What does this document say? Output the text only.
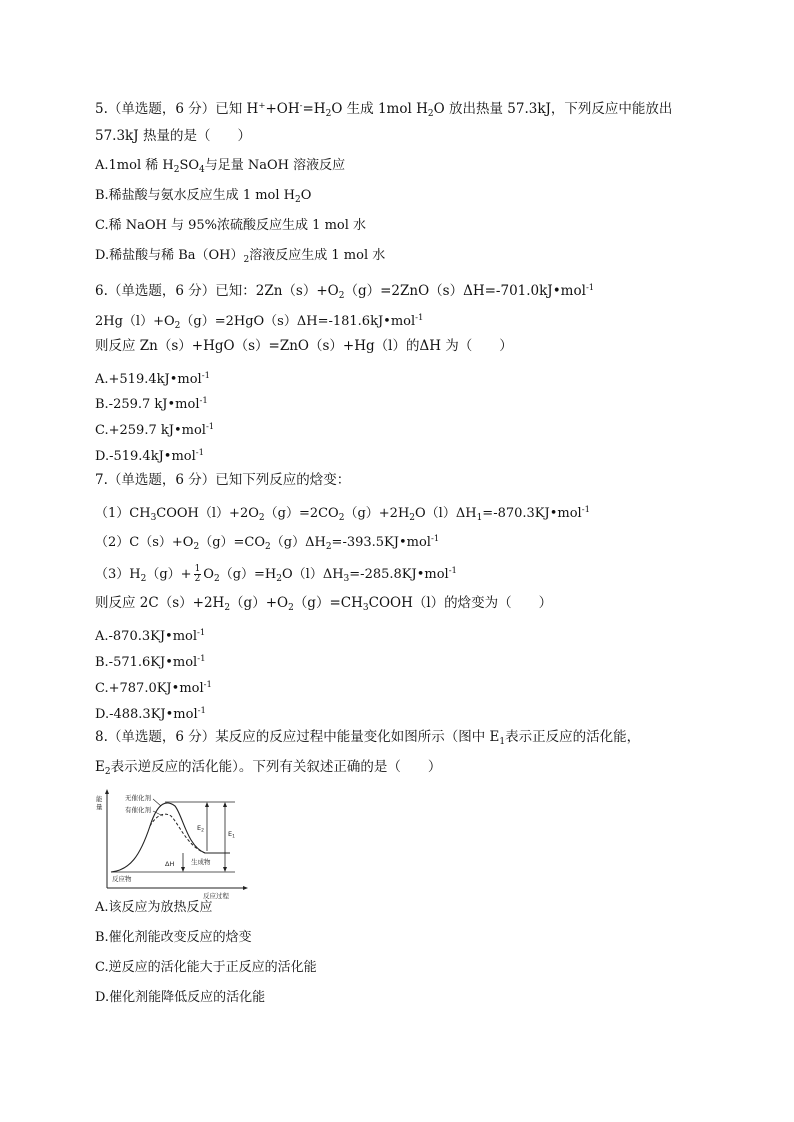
5.（单选题，6 分）已知 $H^++OH^-=H_2O$ 生成 1mol $H_2O$ 放出热量 57.3kJ，下列反应中能放出
57.3kJ 热量的是（　　）
A.1mol 稀 $H_2SO_4$与足量 NaOH 溶液反应
B.稀盐酸与氨水反应生成 1 mol $H_2O$
C.稀 NaOH 与 95%浓硫酸反应生成 1 mol 水
D.稀盐酸与稀 $Ba(OH)_2$溶液反应生成 1 mol 水
6.（单选题，6 分）已知：$2Zn(s)+O_2(g)=2ZnO(s)\Delta H=-701.0kJ•mol^{-1}$
$2Hg(l)+O_2(g)=2HgO(s)\Delta H=-181.6kJ•mol^{-1}$
则反应 Zn（s）+HgO（s）=ZnO（s）+Hg（l）的ΔH 为（　　）
A.+519.4kJ•mol$^{-1}$
B.-259.7 kJ•mol$^{-1}$
C.+259.7 kJ•mol$^{-1}$
D.-519.4kJ•mol$^{-1}$
7.（单选题，6 分）已知下列反应的焓变：
$(1)CH_3COOH(l)+2O_2(g)=2CO_2(g)+2H_2O(l)\Delta H_1=-870.3KJ•mol^{-1}$
$(2)C(s)+O_2(g)=CO_2(g)\Delta H_2=-393.5KJ•mol^{-1}$
$(3)H_2(g)+ \frac{1}{2}$ $O_2(g)=H_2O(l)\Delta H_3=-285.8KJ•mol^{-1}$
则反应 $2C(s)+2H_2(g)+O_2(g)=CH_3COOH(l)$的焓变为（　　）
A.-870.3KJ•mol$^{-1}$
B.-571.6KJ•mol$^{-1}$
C.+787.0KJ•mol$^{-1}$
D.-488.3KJ•mol$^{-1}$
8.（单选题，6 分）某反应的反应过程中能量变化如图所示（图中 $E_1$表示正反应的活化能，
$E_2$表示逆反应的活化能）。下列有关叙述正确的是（　　）
能
量
无催化剂
有催化剂
$E_2$	$E_1$
ΔH	生成物
反应物
反应过程
A.该反应为放热反应
B.催化剂能改变反应的焓变
C.逆反应的活化能大于正反应的活化能
D.催化剂能降低反应的活化能
